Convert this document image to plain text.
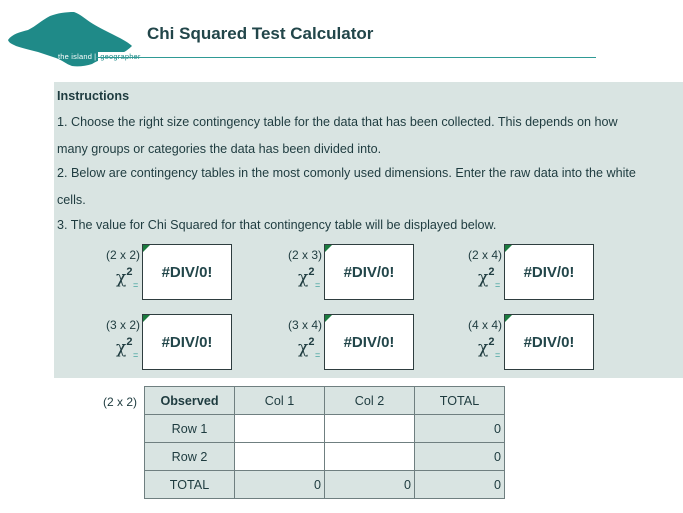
the island
Chi Squared Test Calculator
Instructions
1. Choose the right size contingency table for the data that has been collected. This depends on how
many groups or categories the data has been divided into.
2. Below are contingency tables in the most comonly used dimensions. Enter the raw data into the white
cells.
3. The value for Chi Squared for that contingency table will be displayed below.
(2 x 2)
$\chi^2$
=
#DIV/0!
(2 x 3)
$\chi^2$
=
#DIV/0!
(2 x 4)
$\chi^2$
=
#DIV/0!
(3 x 2)
$\chi^2$
=
#DIV/0!
(3 x 4)
$\chi^2$
=
#DIV/0!
(4 x 4)
$\chi^2$
=
#DIV/0!
(2 x 2) Observed	Col 1	Col 2	TOTAL
Row 1			0
Row 2			0
TOTAL	0	0	0
